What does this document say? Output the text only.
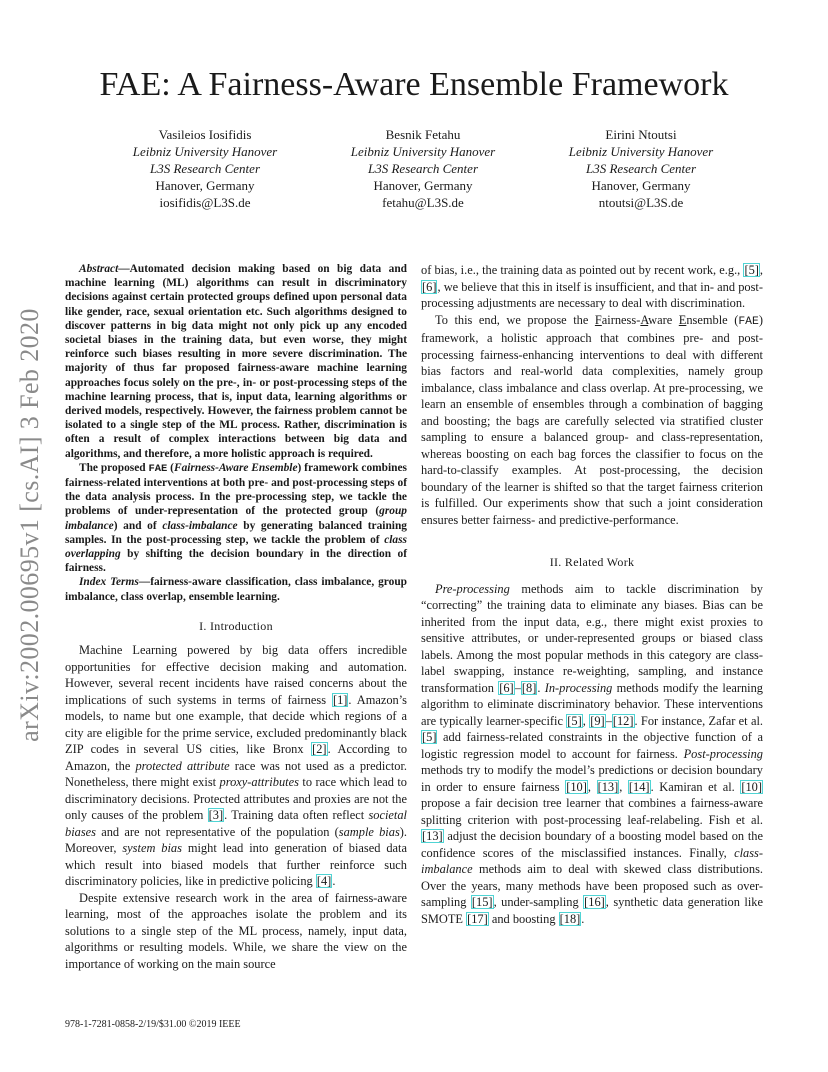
arXiv:2002.00695v1 [cs.AI] 3 Feb 2020
FAE: A Fairness-Aware Ensemble Framework
Vasileios Iosifidis
Leibniz University Hanover
L3S Research Center
Hanover, Germany
iosifidis@L3S.de
Besnik Fetahu
Leibniz University Hanover
L3S Research Center
Hanover, Germany
fetahu@L3S.de
Eirini Ntoutsi
Leibniz University Hanover
L3S Research Center
Hanover, Germany
ntoutsi@L3S.de

Abstract—Automated decision making based on big data and machine learning (ML) algorithms can result in discriminatory decisions against certain protected groups defined upon personal data like gender, race, sexual orientation etc. Such algorithms designed to discover patterns in big data might not only pick up any encoded societal biases in the training data, but even worse, they might reinforce such biases resulting in more severe discrimination. The majority of thus far proposed fairness-aware machine learning approaches focus solely on the pre-, in- or post-processing steps of the machine learning process, that is, input data, learning algorithms or derived models, respectively. However, the fairness problem cannot be isolated to a single step of the ML process. Rather, discrimination is often a result of complex interactions between big data and algorithms, and therefore, a more holistic approach is required.

The proposed FAE (Fairness-Aware Ensemble) framework combines fairness-related interventions at both pre- and post-processing steps of the data analysis process. In the pre-processing step, we tackle the problems of under-representation of the protected group (group imbalance) and of class-imbalance by generating balanced training samples. In the post-processing step, we tackle the problem of class overlapping by shifting the decision boundary in the direction of fairness.

Index Terms—fairness-aware classification, class imbalance, group imbalance, class overlap, ensemble learning.

I. Introduction

Machine Learning powered by big data offers incredible opportunities for effective decision making and automation. However, several recent incidents have raised concerns about the implications of such systems in terms of fairness [1]. Amazon’s models, to name but one example, that decide which regions of a city are eligible for the prime service, excluded predominantly black ZIP codes in several US cities, like Bronx [2]. According to Amazon, the protected attribute race was not used as a predictor. Nonetheless, there might exist proxy-attributes to race which lead to discriminatory decisions. Protected attributes and proxies are not the only causes of the problem [3]. Training data often reflect societal biases and are not representative of the population (sample bias). Moreover, system bias might lead into generation of biased data which result into biased models that further reinforce such discriminatory policies, like in predictive policing [4].

Despite extensive research work in the area of fairness-aware learning, most of the approaches isolate the problem and its solutions to a single step of the ML process, namely, input data, algorithms or resulting models. While, we share the view on the importance of working on the main source

of bias, i.e., the training data as pointed out by recent work, e.g., [5], [6], we believe that this in itself is insufficient, and that in- and post-processing adjustments are necessary to deal with discrimination.

To this end, we propose the Fairness-Aware Ensemble (FAE) framework, a holistic approach that combines pre- and post-processing fairness-enhancing interventions to deal with different bias factors and real-world data complexities, namely group imbalance, class imbalance and class overlap. At pre-processing, we learn an ensemble of ensembles through a combination of bagging and boosting; the bags are carefully selected via stratified cluster sampling to ensure a balanced group- and class-representation, whereas boosting on each bag forces the classifier to focus on the hard-to-classify examples. At post-processing, the decision boundary of the learner is shifted so that the target fairness criterion is fulfilled. Our experiments show that such a joint consideration ensures better fairness- and predictive-performance.

II. Related Work

Pre-processing methods aim to tackle discrimination by “correcting” the training data to eliminate any biases. Bias can be inherited from the input data, e.g., there might exist proxies to sensitive attributes, or under-represented groups or biased class labels. Among the most popular methods in this category are class-label swapping, instance re-weighting, sampling, and instance transformation [6]–[8]. In-processing methods modify the learning algorithm to eliminate discriminatory behavior. These interventions are typically learner-specific [5], [9]–[12]. For instance, Zafar et al. [5] add fairness-related constraints in the objective function of a logistic regression model to account for fairness. Post-processing methods try to modify the model’s predictions or decision boundary in order to ensure fairness [10], [13], [14]. Kamiran et al. [10] propose a fair decision tree learner that combines a fairness-aware splitting criterion with post-processing leaf-relabeling. Fish et al. [13] adjust the decision boundary of a boosting model based on the confidence scores of the misclassified instances. Finally, class-imbalance methods aim to deal with skewed class distributions. Over the years, many methods have been proposed such as over-sampling [15], under-sampling [16], synthetic data generation like SMOTE [17] and boosting [18].

978-1-7281-0858-2/19/$31.00 ©2019 IEEE
